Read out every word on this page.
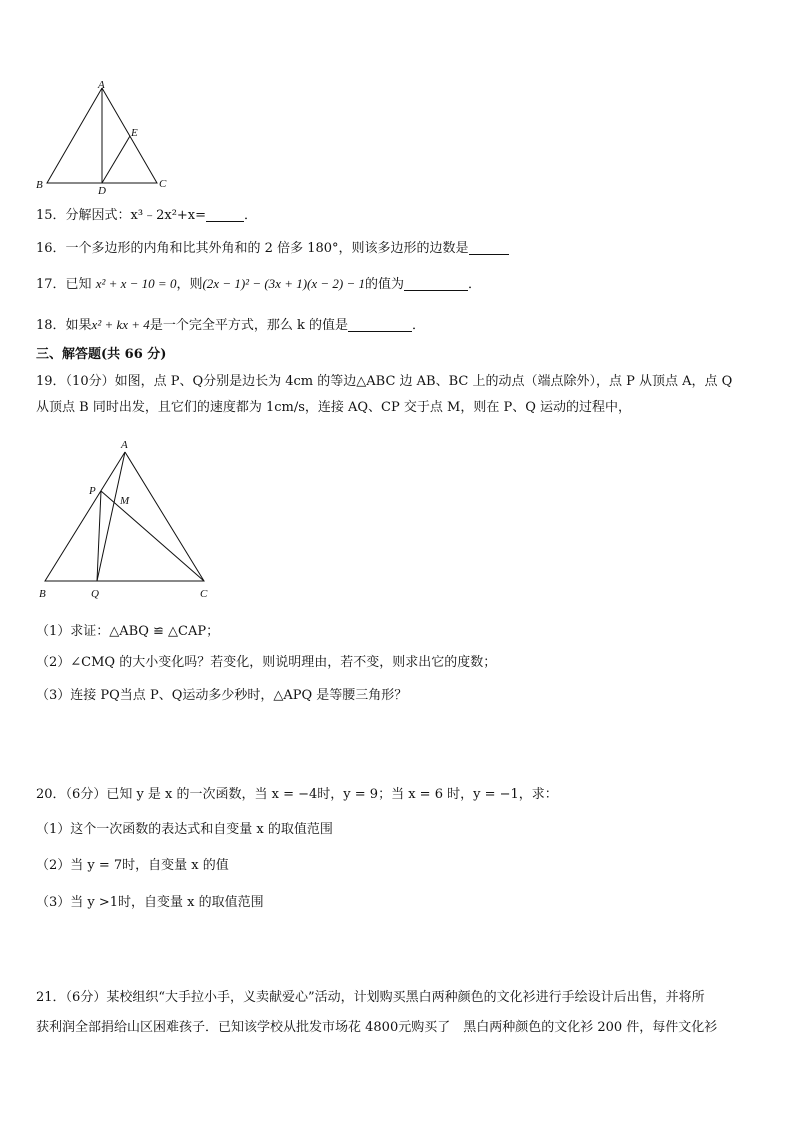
A
B	C
D
E
15．分解因式：x³﹣2x²+x=	．
16．一个多边形的内角和比其外角和的 2 倍多 180°，则该多边形的边数是
17．已知 x² + x − 10 = 0，则(2x − 1)² − (3x + 1)(x − 2) − 1的值为	．
18．如果x² + kx + 4是一个完全平方式，那么 k 的值是	．
三、解答题(共 66 分)
19．（10分）如图，点 P、Q分别是边长为 4cm 的等边△ABC 边 AB、BC 上的动点（端点除外），点 P 从顶点 A，点 Q
从顶点 B 同时出发，且它们的速度都为 1cm/s，连接 AQ、CP 交于点 M，则在 P、Q 运动的过程中，
A
B	C
P
Q
M
（1）求证：△ABQ ≌ △CAP；
（2）∠CMQ 的大小变化吗？若变化，则说明理由，若不变，则求出它的度数；
（3）连接 PQ当点 P、Q运动多少秒时，△APQ 是等腰三角形？
20．（6分）已知 y 是 x 的一次函数，当 x = −4时，y = 9；当 x = 6 时，y = −1，求：
（1）这个一次函数的表达式和自变量 x 的取值范围
（2）当 y = 7时，自变量 x 的值
（3）当 y >1时，自变量 x 的取值范围
21．（6分）某校组织“大手拉小手，义卖献爱心”活动，计划购买黑白两种颜色的文化衫进行手绘设计后出售，并将所
获利润全部捐给山区困难孩子．已知该学校从批发市场花 4800元购买了　黑白两种颜色的文化衫 200 件，每件文化衫
